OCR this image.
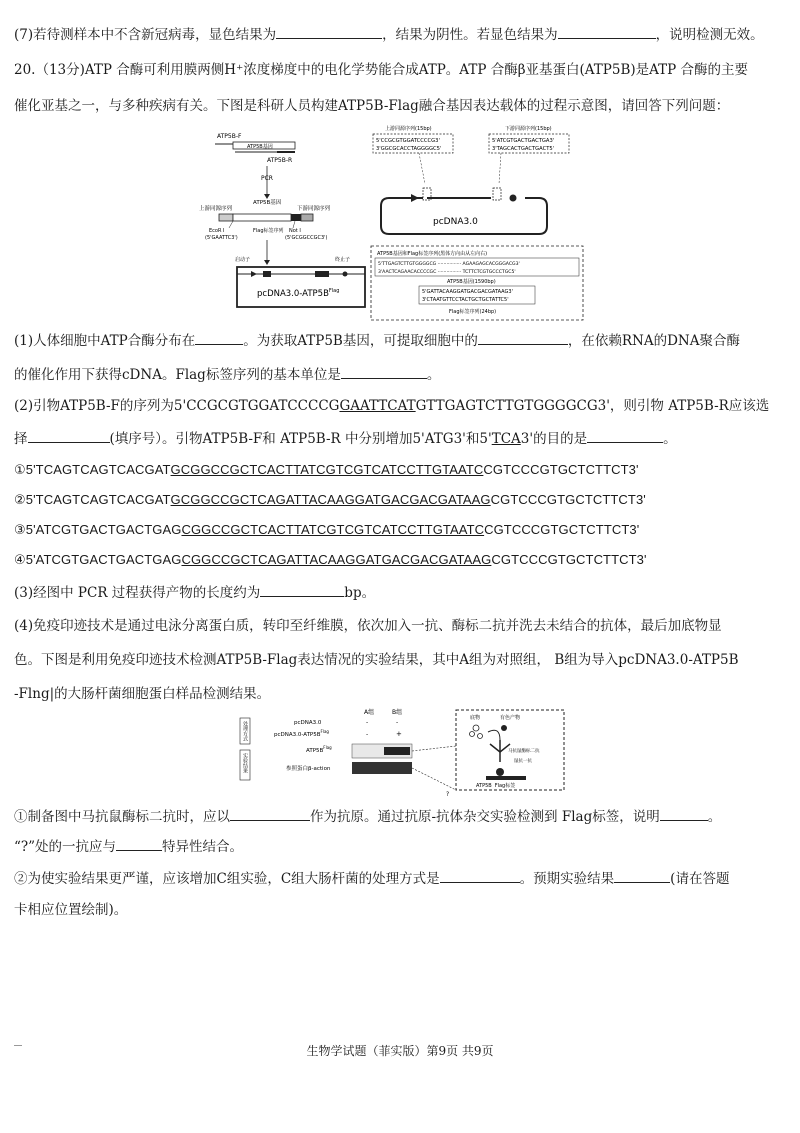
(7)若待测样本中不含新冠病毒，显色结果为	，结果为阴性。若显色结果为	，说明检测无效。
20.（13分)ATP 合酶可利用膜两侧H⁺浓度梯度中的电化学势能合成ATP。ATP 合酶β亚基蛋白(ATP5B)是ATP 合酶的主要
催化亚基之一，与多种疾病有关。下图是科研人员构建ATP5B-Flag融合基因表达载体的过程示意图，请回答下列问题：
ATP5B-F
ATP5B基因
ATP5B-R
PCR
ATP5B基因
上游同源序列	下游同源序列
EcoR I
(5'GAATTC3')
Flag标签序列 Not I
(5'GCGGCCGC3')
启动子	终止子
$pcDNA3.0-ATP5B^{Flag}$
上游同源序列(15bp)
5'CCGCGTGGATCCCCG3'
3'GGCGCACCTAGGGGC5'
下游同源序列(15bp)
5'ATCGTGACTGACTGA3'
3'TAGCACTGACTGACT5'
pcDNA3.0
ATP5B基因和Flag标签序列(黑体方向由从左向右)
5'TTGAGTCTTGTGGGGCG ················ AGAAGAGCACGGGACG3'
3'AACTCAGAACACCCCGC ················ TCTTCTCGTGCCCTGC5'
ATP5B基因(1590bp)
5'GATTACAAGGATGACGACGATAAG3'
3'CTAATGTTCCTACTGCTGCTATTC5'
Flag标签序列(24bp)
(1)人体细胞中ATP合酶分布在	。为获取ATP5B基因，可提取细胞中的	，在依赖RNA的DNA聚合酶
的催化作用下获得cDNA。Flag标签序列的基本单位是	。
(2)引物ATP5B-F的序列为5'CCGCGTGGATCCCCGGAATTCATGTTGAGTCTTGTGGGGCG3'，则引物 ATP5B-R应该选
择	(填序号）。引物ATP5B-F和 ATP5B-R 中分别增加5'ATG3'和5'TCA3'的目的是	。
①5'TCAGTCAGTCACGATGCGGCCGCTCACTTATCGTCGTCATCCTTGTAATCCGTCCCGTGCTCTTCT3'
②5'TCAGTCAGTCACGATGCGGCCGCTCAGATTACAAGGATGACGACGATAAGCGTCCCGTGCTCTTCT3'
③5'ATCGTGACTGACTGAGCGGCCGCTCACTTATCGTCGTCATCCTTGTAATCCGTCCCGTGCTCTTCT3'
④5'ATCGTGACTGACTGAGCGGCCGCTCAGATTACAAGGATGACGACGATAAGCGTCCCGTGCTCTTCT3'
(3)经图中 PCR 过程获得产物的长度约为	bp。
(4)免疫印迹技术是通过电泳分离蛋白质，转印至纤维膜，依次加入一抗、酶标二抗并洗去未结合的抗体，最后加底物显
色。下图是利用免疫印迹技术检测ATP5B-Flag表达情况的实验结果，其中A组为对照组， B组为导入pcDNA3.0-ATP5B
-Flng|的大肠杆菌细胞蛋白样品检测结果。
A组	B组
处理方式
实验结果
pcDNA3.0	-	-
$pcDNA3.0-ATP5B^{Flag}$	-	+
$ATP5B^{Flag}$
参照蛋白β-action
底物	有色产物
马抗鼠酶标二抗
鼠抗一抗
ATP5B Flag标签
?
①制备图中马抗鼠酶标二抗时，应以	作为抗原。通过抗原-抗体杂交实验检测到 Flag标签，说明	。
“?”处的一抗应与	特异性结合。
②为使实验结果更严谨，应该增加C组实验，C组大肠杆菌的处理方式是	。预期实验结果	(请在答题
卡相应位置绘制)。
生物学试题（菲实版）第9页 共9页
